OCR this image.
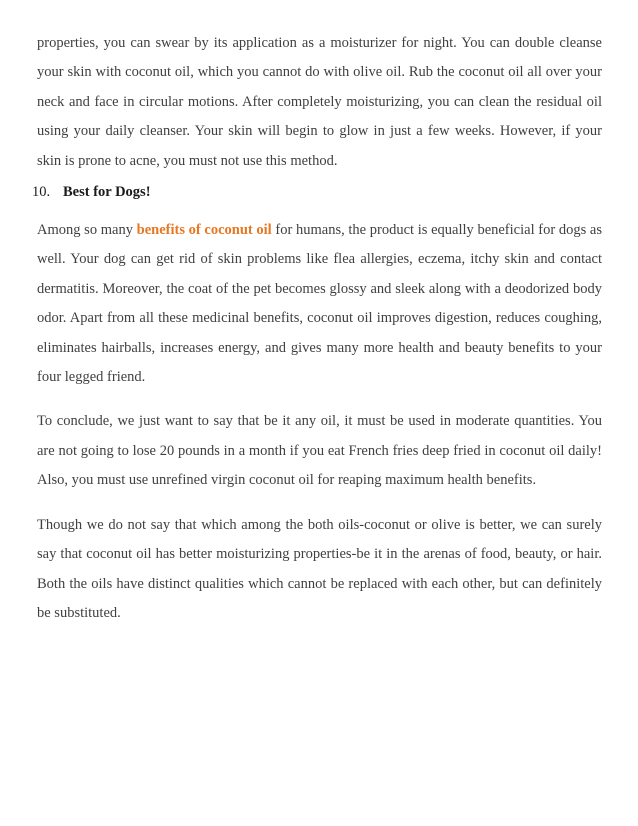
properties, you can swear by its application as a moisturizer for night. You can double cleanse your skin with coconut oil, which you cannot do with olive oil. Rub the coconut oil all over your neck and face in circular motions. After completely moisturizing, you can clean the residual oil using your daily cleanser. Your skin will begin to glow in just a few weeks. However, if your skin is prone to acne, you must not use this method.

10. Best for Dogs!

Among so many benefits of coconut oil for humans, the product is equally beneficial for dogs as well. Your dog can get rid of skin problems like flea allergies, eczema, itchy skin and contact dermatitis. Moreover, the coat of the pet becomes glossy and sleek along with a deodorized body odor. Apart from all these medicinal benefits, coconut oil improves digestion, reduces coughing, eliminates hairballs, increases energy, and gives many more health and beauty benefits to your four legged friend.

To conclude, we just want to say that be it any oil, it must be used in moderate quantities. You are not going to lose 20 pounds in a month if you eat French fries deep fried in coconut oil daily! Also, you must use unrefined virgin coconut oil for reaping maximum health benefits.

Though we do not say that which among the both oils-coconut or olive is better, we can surely say that coconut oil has better moisturizing properties-be it in the arenas of food, beauty, or hair. Both the oils have distinct qualities which cannot be replaced with each other, but can definitely be substituted.
